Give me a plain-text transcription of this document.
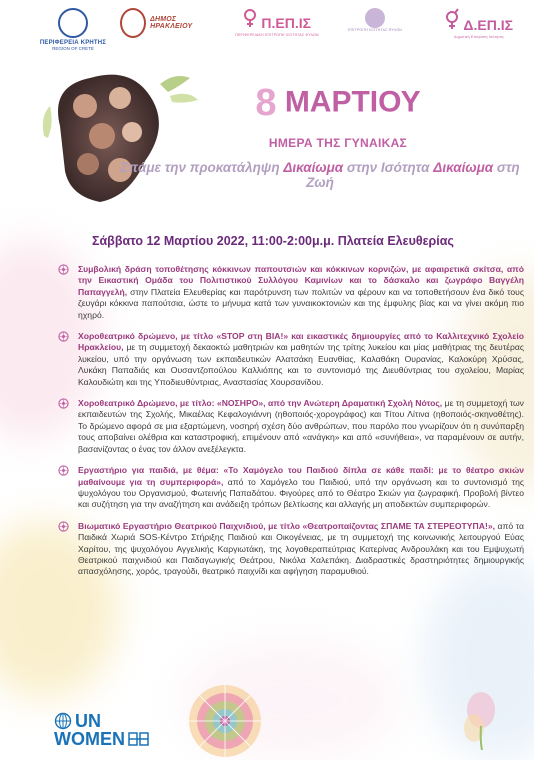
ΠΕΡΙΦΕΡΕΙΑ ΚΡΗΤΗΣ
REGION OF CRETE
ΔΗΜΟΣ ΗΡΑΚΛΕΙΟΥ	Π.ΕΠ.ΙΣ
ΠΕΡΙΦΕΡΕΙΑΚΗ ΕΠΙΤΡΟΠΗ ΙΣΟΤΗΤΑΣ ΦΥΛΩΝ
ΕΠΙΤΡΟΠΗ ΙΣΟΤΗΤΑΣ ΦΥΛΩΝ	Δ.ΕΠ.ΙΣ
Δημοτική Επιτροπή Ισότητας
8 ΜΑΡΤΙΟΥ
ΗΜΕΡΑ ΤΗΣ ΓΥΝΑΙΚΑΣ
Σπάμε την προκατάληψη Δικαίωμα στην Ισότητα Δικαίωμα στη Ζωή
Σάββατο 12 Μαρτίου 2022, 11:00-2:00μ.μ. Πλατεία Ελευθερίας
Συμβολική δράση τοποθέτησης κόκκινων παπουτσιών και κόκκινων κορνιζών, με αφαιρετικά σκίτσα, από την Εικαστική Ομάδα του Πολιτιστικού Συλλόγου Καμινίων και το δάσκαλο και ζωγράφο Βαγγέλη Παπαγγελή, στην Πλατεία Ελευθερίας και παρότρυνση των πολιτών να φέρουν και να τοποθετήσουν ένα δικό τους ζευγάρι κόκκινα παπούτσια, ώστε το μήνυμα κατά των γυναικοκτονιών και της έμφυλης βίας και να γίνει ακόμη πιο ηχηρό.
Χοροθεατρικό δρώμενο, με τίτλο «STOP στη ΒΙΑ!» και εικαστικές δημιουργίες από το Καλλιτεχνικό Σχολείο Ηρακλείου, με τη συμμετοχή δεκαοκτώ μαθητριών και μαθητών της τρίτης λυκείου και μίας μαθήτριας της δευτέρας λυκείου, υπό την οργάνωση των εκπαιδευτικών Αλατσάκη Ευανθίας, Καλαθάκη Ουρανίας, Καλοκύρη Χρύσας, Λυκάκη Παπαδιάς και Ουσαντζοπούλου Καλλιόπης και το συντονισμό της Διευθύντριας του σχολείου, Μαρίας Καλουδιώτη και της Υποδιευθύντριας, Αναστασίας Χουρσανίδου.
Χοροθεατρικό Δρώμενο, με τίτλο: «ΝΟΣΗΡΟ», από την Ανώτερη Δραματική Σχολή Νότος, με τη συμμετοχή των εκπαιδευτών της Σχολής, Μικαέλας Κεφαλογιάννη (ηθοποιός-χορογράφος) και Τίτου Λίτινα (ηθοποιός-σκηνοθέτης). Το δρώμενο αφορά σε μια εξαρτώμενη, νοσηρή σχέση δύο ανθρώπων, που παρόλο που γνωρίζουν ότι η συνύπαρξη τους αποβαίνει ολέθρια και καταστροφική, επιμένουν από «ανάγκη» και από «συνήθεια», να παραμένουν σε αυτήν, βασανίζοντας ο ένας τον άλλον ανεξέλεγκτα.
Εργαστήριο για παιδιά, με θέμα: «Το Χαμόγελο του Παιδιού δίπλα σε κάθε παιδί: με το θέατρο σκιών μαθαίνουμε για τη συμπεριφορά», από το Χαμόγελο του Παιδιού, υπό την οργάνωση και το συντονισμό της ψυχολόγου του Οργανισμού, Φωτεινής Παπαδάτου. Φιγούρες από το Θέατρο Σκιών για ζωγραφική. Προβολή βίντεο και συζήτηση για την αναζήτηση και ανάδειξη τρόπων βελτίωσης και αλλαγής μη αποδεκτών συμπεριφορών.
Βιωματικό Εργαστήριο Θεατρικού Παιχνιδιού, με τίτλο «Θεατροπαίζοντας ΣΠΑΜΕ ΤΑ ΣΤΕΡΕΟΤΥΠΑ!», από τα Παιδικά Χωριά SOS-Κέντρο Στήριξης Παιδιού και Οικογένειας, με τη συμμετοχή της κοινωνικής λειτουργού Εύας Χαρίτου, της ψυχολόγου Αγγελικής Καργιωτάκη, της λογοθεραπεύτριας Κατερίνας Ανδρουλάκη και του Εμψυχωτή Θεατρικού παιχνιδιού και Παιδαγωγικής Θεάτρου, Νικόλα Χαλεπάκη. Διαδραστικές δραστηριότητες δημιουργικής απασχόλησης, χορός, τραγούδι, θεατρικό παιχνίδι και αφήγηση παραμυθιού.
UN
WOMEN
